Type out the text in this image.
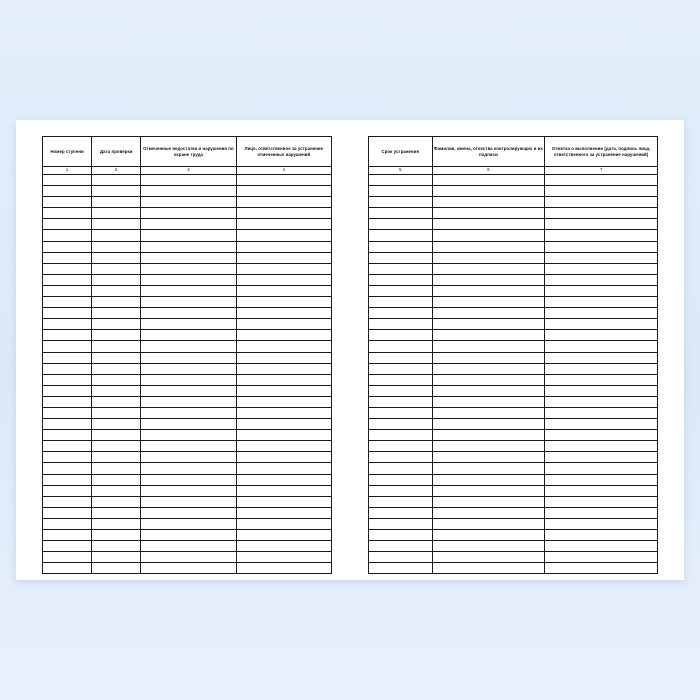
Номер ступени	Дата проверки	Отмеченные недостатки и нарушения по охране труда	Лицо, ответственное за устранение отмеченных нарушений
1	2	3	4

Срок устранения	Фамилии, имена, отчества контролирующих и их подписи	Отметка о выполнении (дата, подпись лица, ответственного за устранение нарушений)
5	6	7
